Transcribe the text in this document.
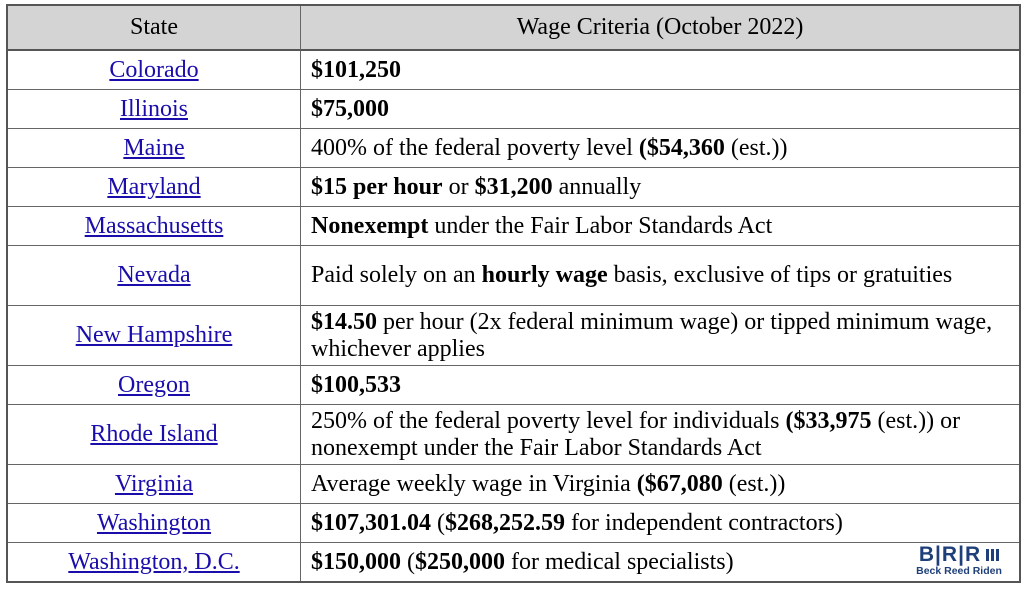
State	Wage Criteria (October 2022)
Colorado	$101,250
Illinois	$75,000
Maine	400% of the federal poverty level ($54,360 (est.))
Maryland	$15 per hour or $31,200 annually
Massachusetts	Nonexempt under the Fair Labor Standards Act
Nevada	Paid solely on an hourly wage basis, exclusive of tips or gratuities
New Hampshire	$14.50 per hour (2x federal minimum wage) or tipped minimum wage, whichever applies
Oregon	$100,533
Rhode Island	250% of the federal poverty level for individuals ($33,975 (est.)) or nonexempt under the Fair Labor Standards Act
Virginia	Average weekly wage in Virginia ($67,080 (est.))
Washington	$107,301.04 ($268,252.59 for independent contractors)
Washington, D.C.	$150,000 ($250,000 for medical specialists) B|R|R
Beck Reed Riden
